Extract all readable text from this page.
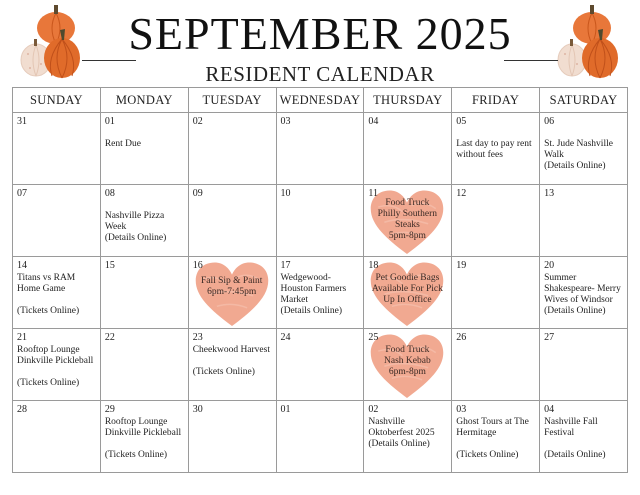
SEPTEMBER 2025
RESIDENT CALENDAR
SUNDAY	MONDAY	TUESDAY	WEDNESDAY	THURSDAY	FRIDAY	SATURDAY

31	01
Rent Due	02	03	04	05
Last day to pay rent
without fees	06
St. Jude Nashville
Walk
(Details Online)

07	08
Nashville Pizza
Week
(Details Online)	09	10	11
Food Truck
Philly Southern
Steaks
5pm-8pm	12	13

14
Titans vs RAM
Home Game

(Tickets Online)	15	16
Fall Sip & Paint
6pm-7:45pm	17
Wedgewood-
Houston Farmers
Market
(Details Online)	18
Pet Goodie Bags
Available For Pick
Up In Office	19	20
Summer
Shakespeare- Merry
Wives of Windsor
(Details Online)

21
Rooftop Lounge
Dinkville Pickleball

(Tickets Online)	22	23
Cheekwood Harvest

(Tickets Online)	24	25
Food Truck
Nash Kebab
6pm-8pm	26	27

28	29
Rooftop Lounge
Dinkville Pickleball

(Tickets Online)	30	01	02
Nashville
Oktoberfest 2025
(Details Online)	03
Ghost Tours at The
Hermitage

(Tickets Online)	04
Nashville Fall
Festival

(Details Online)
